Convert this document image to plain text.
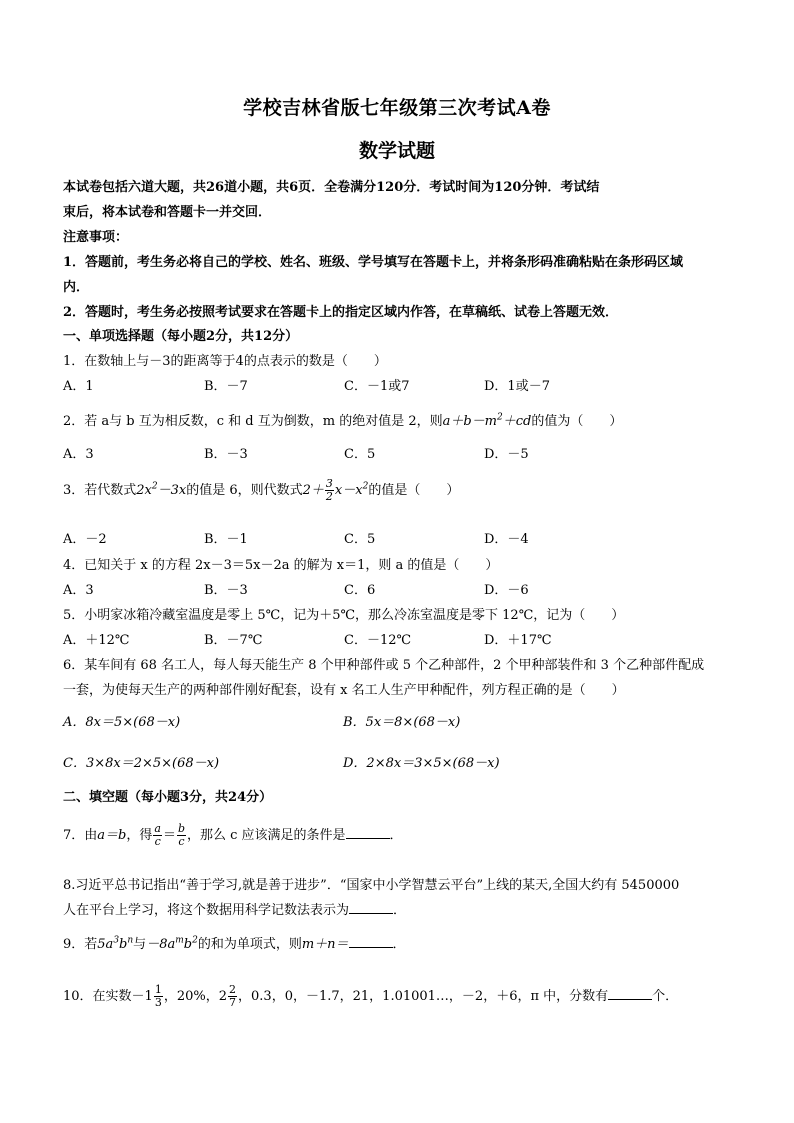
学校吉林省版七年级第三次考试A卷
数学试题
本试卷包括六道大题，共26道小题，共6页．全卷满分120分．考试时间为120分钟．考试结
束后，将本试卷和答题卡一并交回．
注意事项：
1．答题前，考生务必将自己的学校、姓名、班级、学号填写在答题卡上，并将条形码准确粘贴在条形码区域
内．
2．答题时，考生务必按照考试要求在答题卡上的指定区域内作答，在草稿纸、试卷上答题无效．
一、单项选择题（每小题2分，共12分）
1．在数轴上与－3的距离等于4的点表示的数是（　　）
A．1	B．－7	C．－1或7	D．1或－7
2．若 a与 b 互为相反数，c 和 d 互为倒数，m 的绝对值是 2，则$a+b-m^2+cd$的值为（　　）
A．3	B．－3	C．5	D．－5
3．若代数式$2x^2-3x$的值是 6，则代数式$2+ \frac{3}{2} x-x^2$的值是（　　）
A．－2	B．－1	C．5	D．－4
4．已知关于 x 的方程 2x－3＝5x－2a 的解为 x＝1，则 a 的值是（　　）
A．3	B．－3	C．6	D．－6
5．小明家冰箱冷藏室温度是零上 5℃，记为＋5℃，那么冷冻室温度是零下 12℃，记为（　　）
A．＋12℃	B．－7℃	C．－12℃	D．＋17℃
6．某车间有 68 名工人，每人每天能生产 8 个甲种部件或 5 个乙种部件，2 个甲种部装件和 3 个乙种部件配成
一套，为使每天生产的两种部件刚好配套，设有 x 名工人生产甲种配件，列方程正确的是（　　）
A．8x＝5×(68－x)	B．5x＝8×(68－x)
C．3×8x＝2×5×(68－x)	D．2×8x＝3×5×(68－x)
二、填空题（每小题3分，共24分）
7．由a＝b，得 $\frac{a}{c} = \frac{b}{c}$ ，那么 c 应该满足的条件是	．
8.习近平总书记指出“善于学习,就是善于进步”．“国家中小学智慧云平台”上线的某天,全国大约有 5450000
人在平台上学习，将这个数据用科学记数法表示为	．
9．若$5a^3b^n$与$-8a^mb^2$的和为单项式，则m＋n＝	．
10．在实数$-1 \frac{1}{3}$ ，20%，$2 \frac{2}{7}$ ，0.3，0，－1.7，21，1.01001…，－2，＋6，π 中，分数有	个．
